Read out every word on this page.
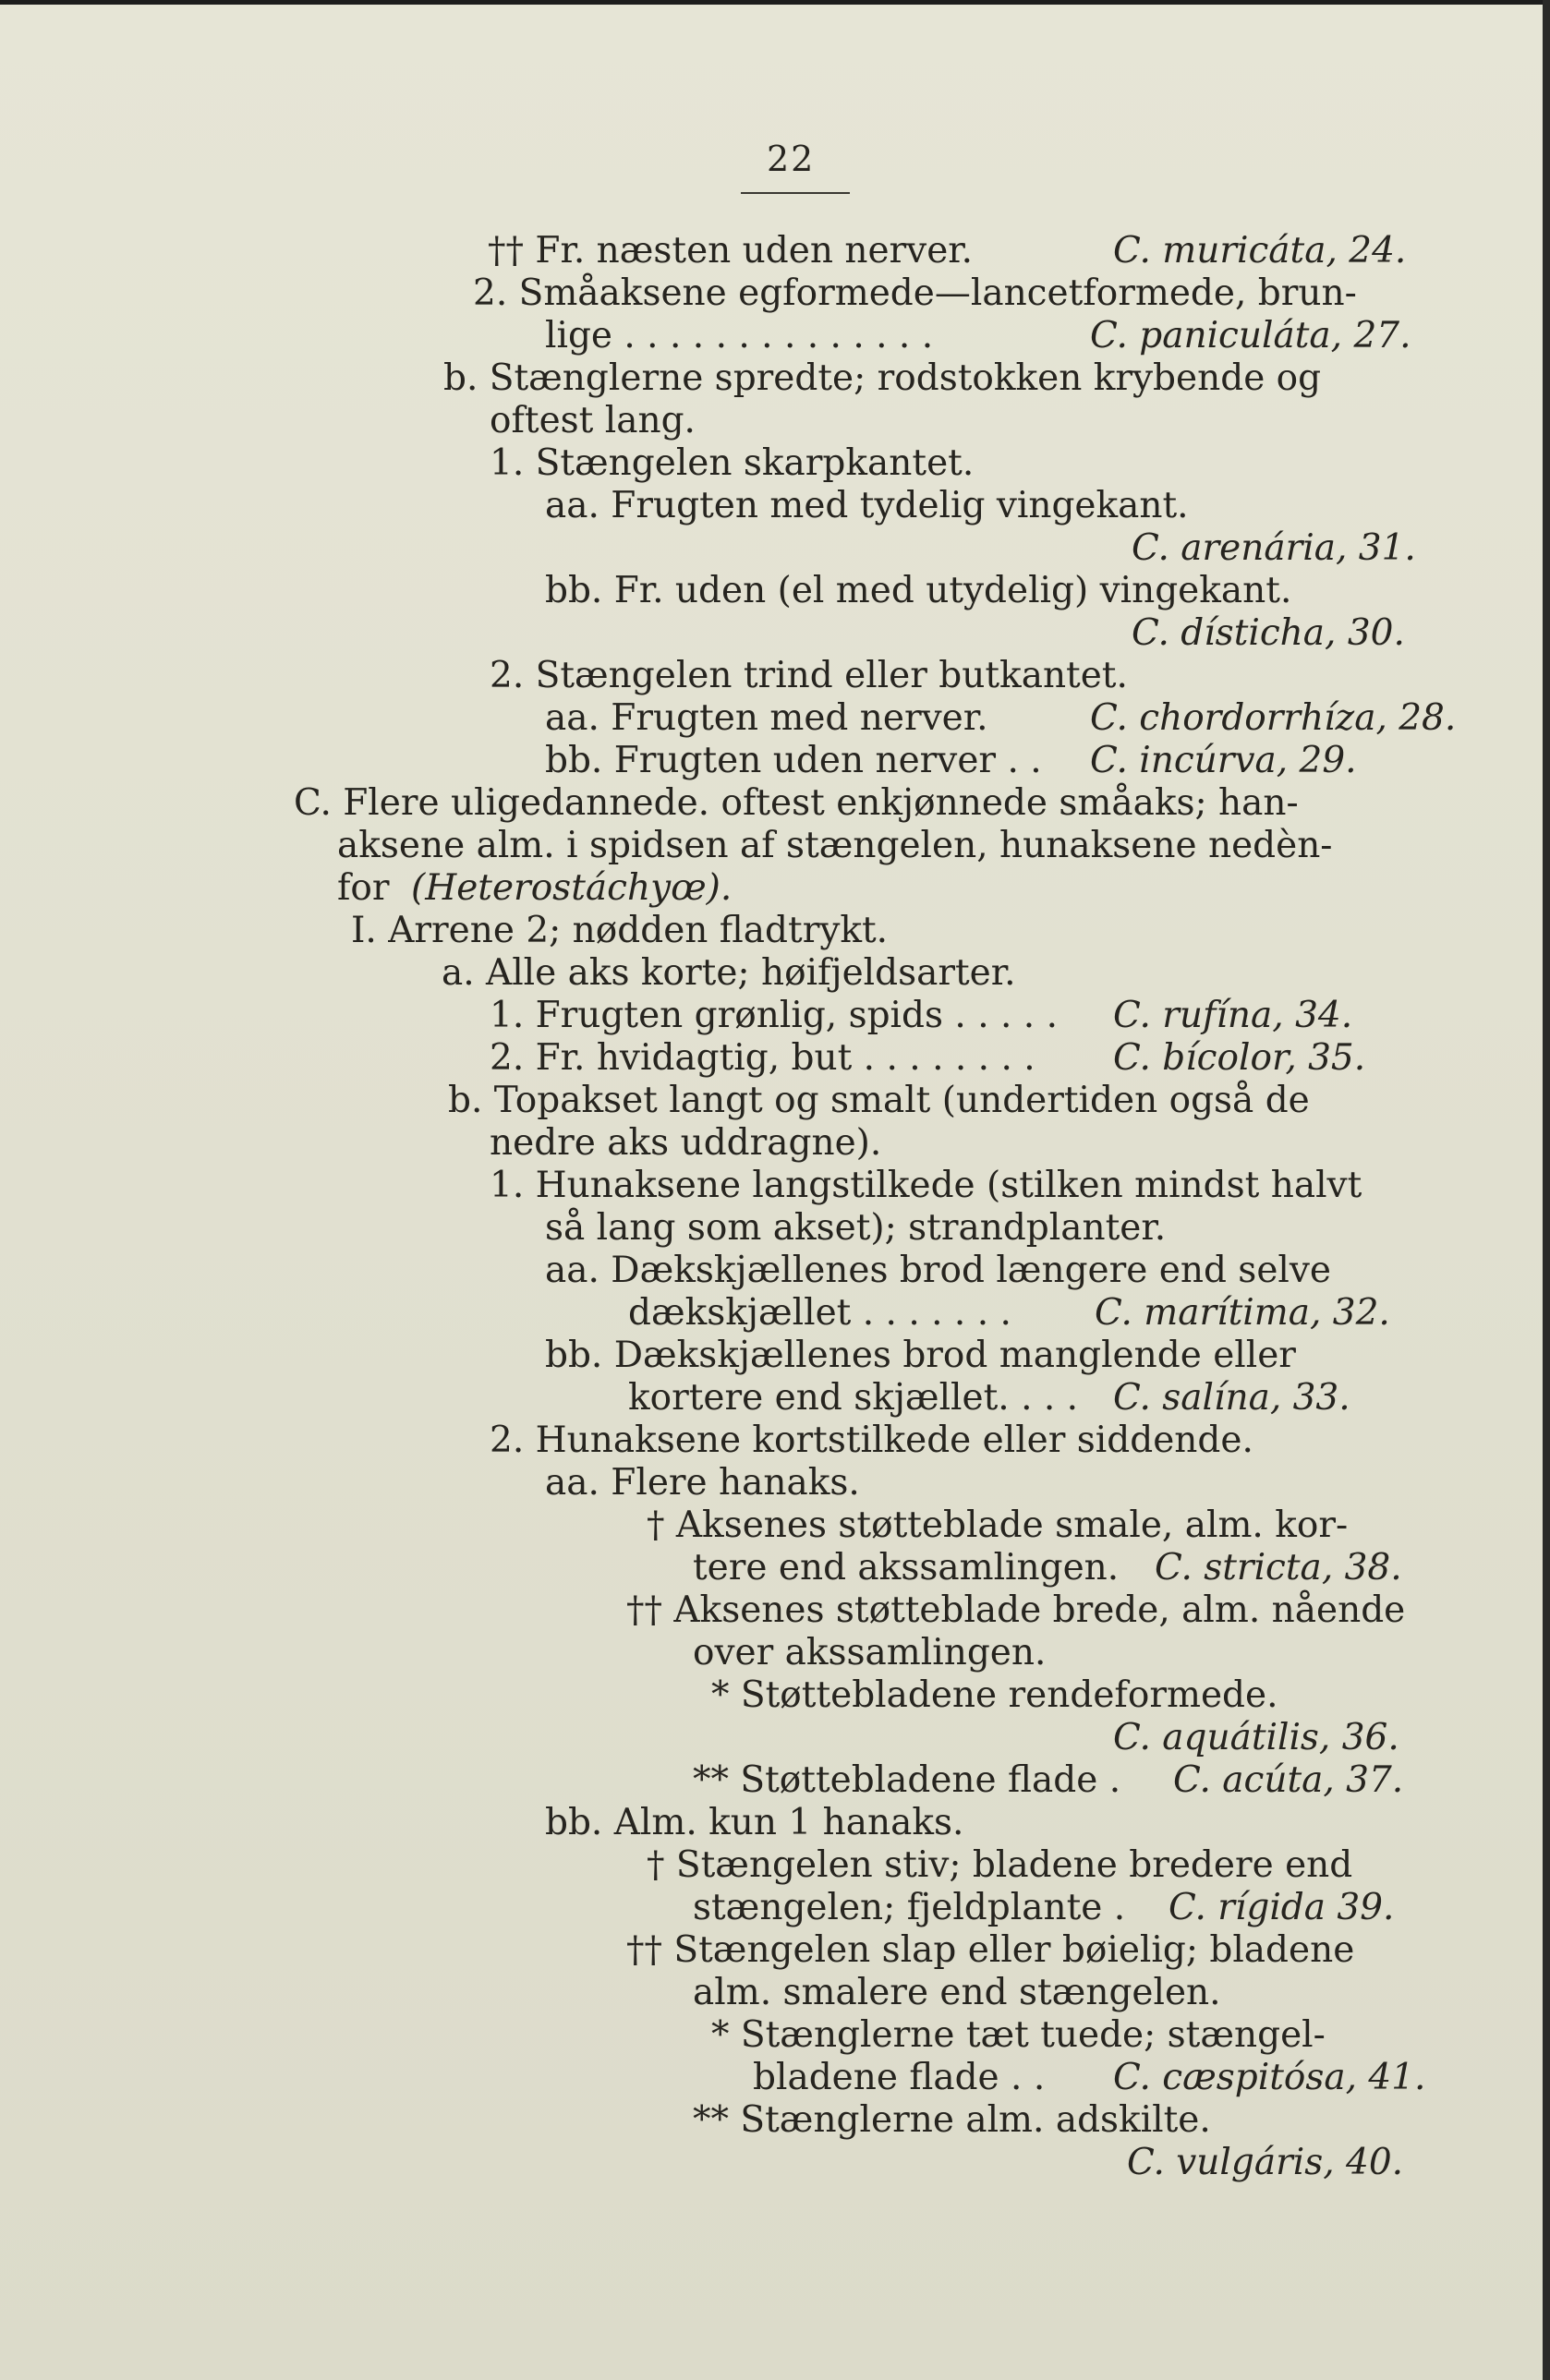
22
†† Fr. næsten uden nerver.	C. muricáta, 24.
2. Småaksene egformede—lancetformede, brun-
lige . . . . . . . . . . . . . .	C. paniculáta, 27.
b. Stænglerne spredte; rodstokken krybende og
oftest lang.
1. Stængelen skarpkantet.
aa. Frugten med tydelig vingekant.
C. arenária, 31.
bb. Fr. uden (el med utydelig) vingekant.
C. dísticha, 30.
2. Stængelen trind eller butkantet.
aa. Frugten med nerver.	C. chordorrhíza, 28.
bb. Frugten uden nerver . . C. incúrva, 29.
C. Flere uligedannede. oftest enkjønnede småaks; han-
aksene alm. i spidsen af stængelen, hunaksene nedèn-
for (Heterostáchyœ).
I. Arrene 2; nødden fladtrykt.
a. Alle aks korte; høifjeldsarter.
1. Frugten grønlig, spids . . . . . C. rufína, 34.
2. Fr. hvidagtig, but . . . . . . . . C. bícolor, 35.
b. Topakset langt og smalt (undertiden også de
nedre aks uddragne).
1. Hunaksene langstilkede (stilken mindst halvt
så lang som akset); strandplanter.
aa. Dækskjællenes brod længere end selve
dækskjællet . . . . . . . C. marítima, 32.
bb. Dækskjællenes brod manglende eller
kortere end skjællet. . . . C. salína, 33.
2. Hunaksene kortstilkede eller siddende.
aa. Flere hanaks.
† Aksenes støtteblade smale, alm. kor-
tere end akssamlingen. C. stricta, 38.
†† Aksenes støtteblade brede, alm. nående
over akssamlingen.
* Støttebladene rendeformede.
C. aquátilis, 36.
** Støttebladene flade . C. acúta, 37.
bb. Alm. kun 1 hanaks.
† Stængelen stiv; bladene bredere end
stængelen; fjeldplante . C. rígida 39.
†† Stængelen slap eller bøielig; bladene
alm. smalere end stængelen.
* Stænglerne tæt tuede; stængel-
bladene flade . . C. cæspitósa, 41.
** Stænglerne alm. adskilte.
C. vulgáris, 40.
